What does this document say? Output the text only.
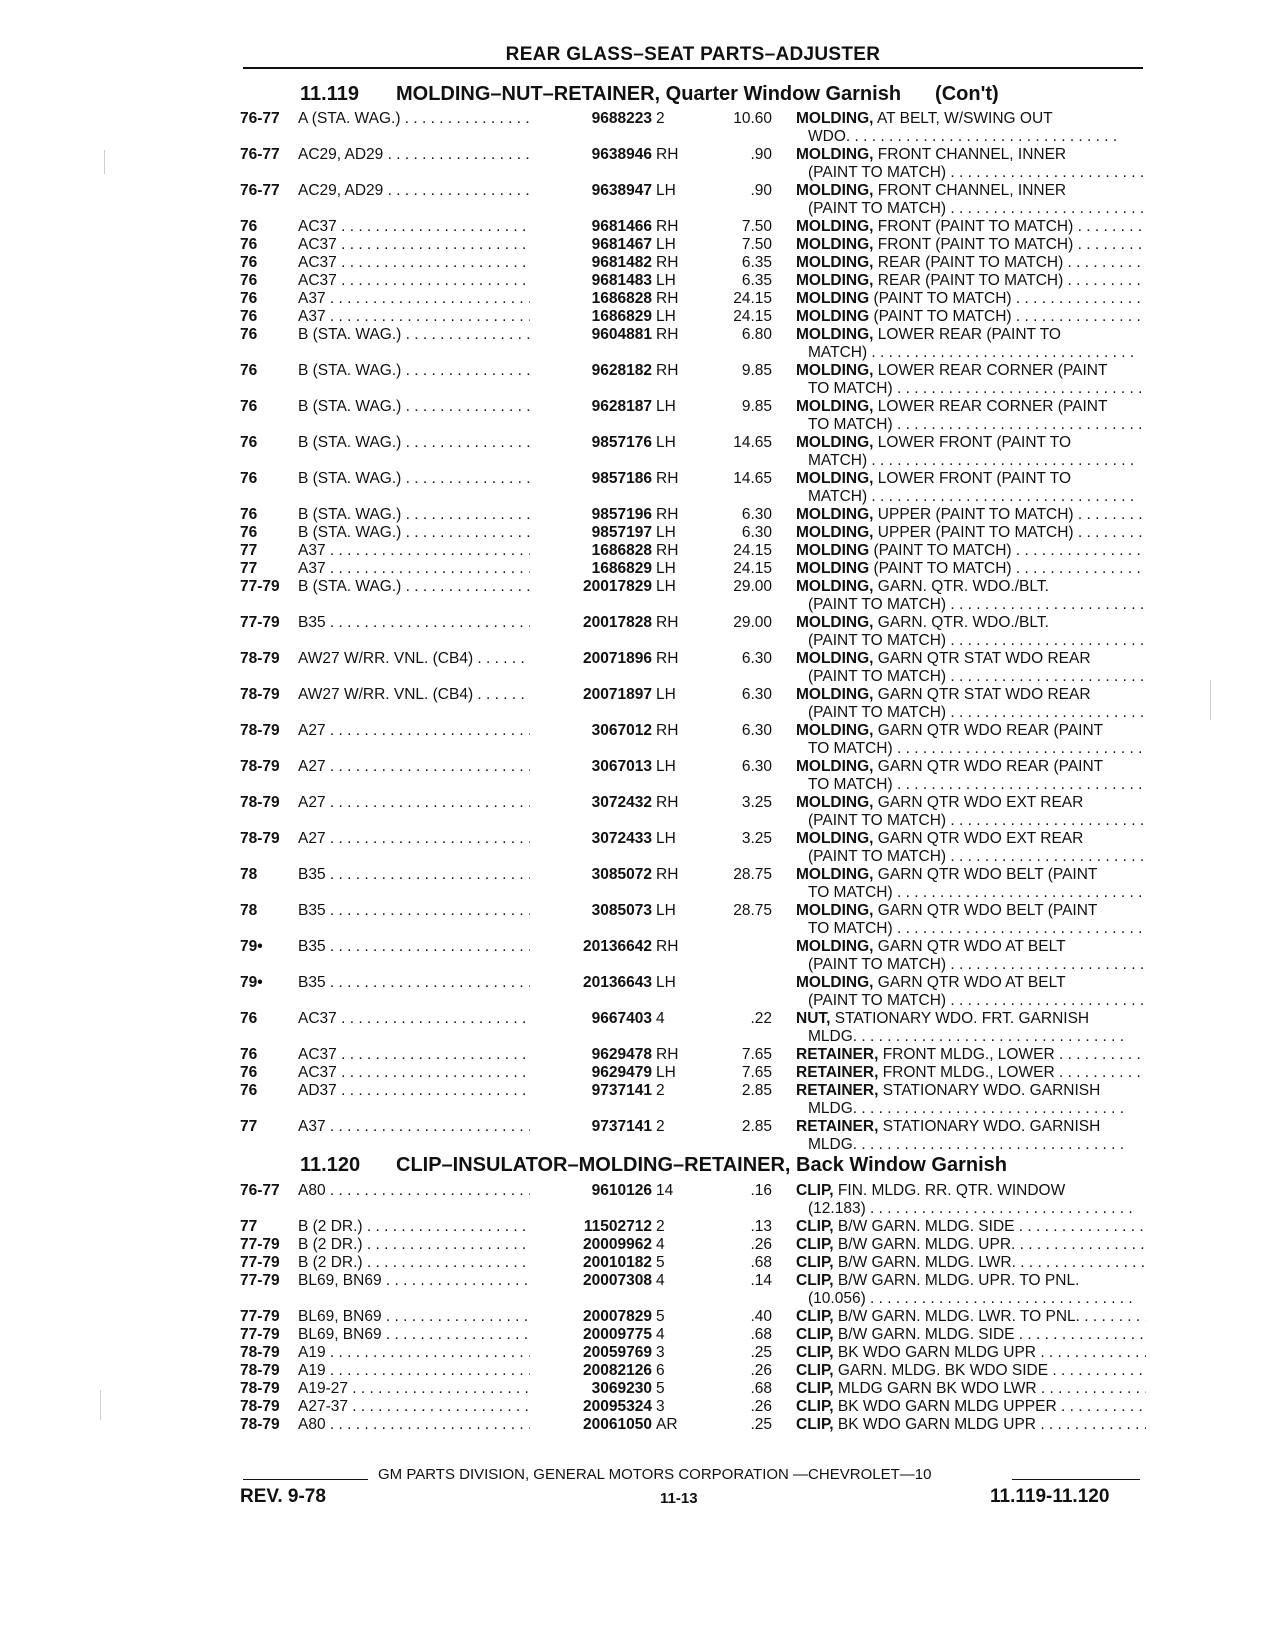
REAR GLASS–SEAT PARTS–ADJUSTER
11.119 MOLDING–NUT–RETAINER, Quarter Window Garnish (Con't)
76-77 A (STA. WAG.) . . .	9688223 2	10.60 MOLDING, AT BELT, W/SWING OUT
WDO. . . .
76-77 AC29, AD29 . . .	9638946 RH	.90 MOLDING, FRONT CHANNEL, INNER
(PAINT TO MATCH) . . .
76-77 AC29, AD29 . . .	9638947 LH	.90 MOLDING, FRONT CHANNEL, INNER
(PAINT TO MATCH) . . .
76	AC37 . . .	9681466 RH	7.50 MOLDING, FRONT (PAINT TO MATCH) . . .
76	AC37 . . .	9681467 LH	7.50 MOLDING, FRONT (PAINT TO MATCH) . . .
76	AC37 . . .	9681482 RH	6.35 MOLDING, REAR (PAINT TO MATCH) . . .
76	AC37 . . .	9681483 LH	6.35 MOLDING, REAR (PAINT TO MATCH) . . .
76	A37 . . .	1686828 RH	24.15 MOLDING (PAINT TO MATCH) . . .
76	A37 . . .	1686829 LH	24.15 MOLDING (PAINT TO MATCH) . . .
76	B (STA. WAG.) . . .	9604881 RH	6.80 MOLDING, LOWER REAR (PAINT TO
MATCH) . . .
76	B (STA. WAG.) . . .	9628182 RH	9.85 MOLDING, LOWER REAR CORNER (PAINT
TO MATCH) . . .
76	B (STA. WAG.) . . .	9628187 LH	9.85 MOLDING, LOWER REAR CORNER (PAINT
TO MATCH) . . .
76	B (STA. WAG.) . . .	9857176 LH	14.65 MOLDING, LOWER FRONT (PAINT TO
MATCH) . . .
76	B (STA. WAG.) . . .	9857186 RH	14.65 MOLDING, LOWER FRONT (PAINT TO
MATCH) . . .
76	B (STA. WAG.) . . .	9857196 RH	6.30 MOLDING, UPPER (PAINT TO MATCH) . . .
76	B (STA. WAG.) . . .	9857197 LH	6.30 MOLDING, UPPER (PAINT TO MATCH) . . .
77	A37 . . .	1686828 RH	24.15 MOLDING (PAINT TO MATCH) . . .
77	A37 . . .	1686829 LH	24.15 MOLDING (PAINT TO MATCH) . . .
77-79 B (STA. WAG.) . . .	20017829 LH	29.00 MOLDING, GARN. QTR. WDO./BLT.
(PAINT TO MATCH) . . .
77-79 B35 . . .	20017828 RH	29.00 MOLDING, GARN. QTR. WDO./BLT.
(PAINT TO MATCH) . . .
78-79 AW27 W/RR. VNL. (CB4) . . .	20071896 RH	6.30 MOLDING, GARN QTR STAT WDO REAR
(PAINT TO MATCH) . . .
78-79 AW27 W/RR. VNL. (CB4) . . .	20071897 LH	6.30 MOLDING, GARN QTR STAT WDO REAR
(PAINT TO MATCH) . . .
78-79 A27 . . .	3067012 RH	6.30 MOLDING, GARN QTR WDO REAR (PAINT
TO MATCH) . . .
78-79 A27 . . .	3067013 LH	6.30 MOLDING, GARN QTR WDO REAR (PAINT
TO MATCH) . . .
78-79 A27 . . .	3072432 RH	3.25 MOLDING, GARN QTR WDO EXT REAR
(PAINT TO MATCH) . . .
78-79 A27 . . .	3072433 LH	3.25 MOLDING, GARN QTR WDO EXT REAR
(PAINT TO MATCH) . . .
78	B35 . . .	3085072 RH	28.75 MOLDING, GARN QTR WDO BELT (PAINT
TO MATCH) . . .
78	B35 . . .	3085073 LH	28.75 MOLDING, GARN QTR WDO BELT (PAINT
TO MATCH) . . .
79• B35 . . .	20136642 RH	MOLDING, GARN QTR WDO AT BELT
(PAINT TO MATCH) . . .
79• B35 . . .	20136643 LH	MOLDING, GARN QTR WDO AT BELT
(PAINT TO MATCH) . . .
76	AC37 . . .	9667403 4	.22 NUT, STATIONARY WDO. FRT. GARNISH
MLDG. . . .
76	AC37 . . .	9629478 RH	7.65 RETAINER, FRONT MLDG., LOWER . . .
76	AC37 . . .	9629479 LH	7.65 RETAINER, FRONT MLDG., LOWER . . .
76	AD37 . . .	9737141 2	2.85 RETAINER, STATIONARY WDO. GARNISH
MLDG. . . .
77	A37 . . .	9737141 2	2.85 RETAINER, STATIONARY WDO. GARNISH
MLDG. . . .
11.120 CLIP–INSULATOR–MOLDING–RETAINER, Back Window Garnish
76-77 A80 . . .	9610126 14	.16 CLIP, FIN. MLDG. RR. QTR. WINDOW
(12.183) . . .
77	B (2 DR.) . . .	11502712 2	.13 CLIP, B/W GARN. MLDG. SIDE . . .
77-79 B (2 DR.) . . .	20009962 4	.26 CLIP, B/W GARN. MLDG. UPR. . . .
77-79 B (2 DR.) . . .	20010182 5	.68 CLIP, B/W GARN. MLDG. LWR. . . .
77-79 BL69, BN69 . . .	20007308 4	.14 CLIP, B/W GARN. MLDG. UPR. TO PNL.
(10.056) . . .
77-79 BL69, BN69 . . .	20007829 5	.40 CLIP, B/W GARN. MLDG. LWR. TO PNL. . . .
77-79 BL69, BN69 . . .	20009775 4	.68 CLIP, B/W GARN. MLDG. SIDE . . .
78-79 A19 . . .	20059769 3	.25 CLIP, BK WDO GARN MLDG UPR . . .
78-79 A19 . . .	20082126 6	.26 CLIP, GARN. MLDG. BK WDO SIDE . . .
78-79 A19-27 . . .	3069230 5	.68 CLIP, MLDG GARN BK WDO LWR . . .
78-79 A27-37 . . .	20095324 3	.26 CLIP, BK WDO GARN MLDG UPPER . . .
78-79 A80 . . .	20061050 AR	.25 CLIP, BK WDO GARN MLDG UPR . . .
GM PARTS DIVISION, GENERAL MOTORS CORPORATION —CHEVROLET—10
REV. 9-78	11-13	11.119-11.120
